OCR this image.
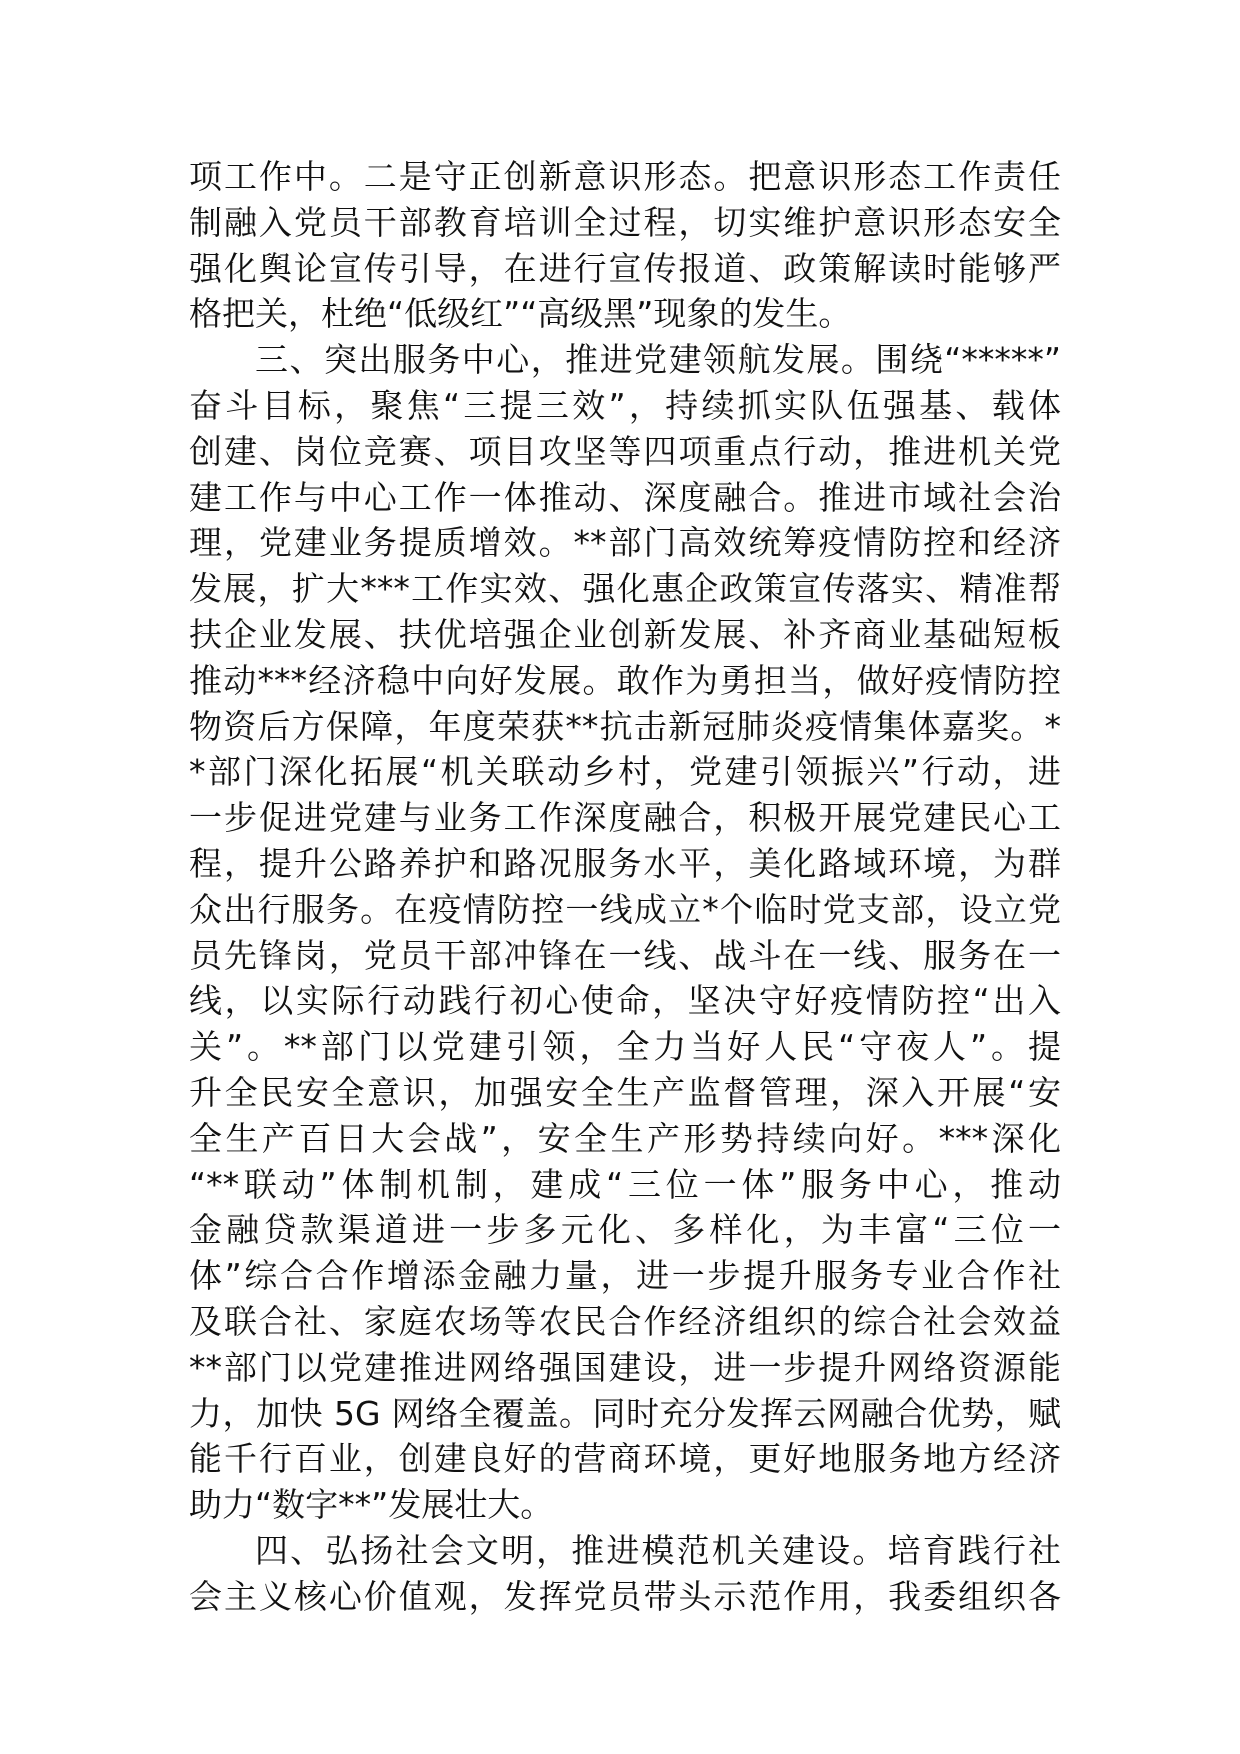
项工作中。二是守正创新意识形态。把意识形态工作责任
制融入党员干部教育培训全过程，切实维护意识形态安全
强化舆论宣传引导，在进行宣传报道、政策解读时能够严
格把关，杜绝“低级红”“高级黑”现象的发生。
三、突出服务中心，推进党建领航发展。围绕“*****”
奋斗目标，聚焦“三提三效”，持续抓实队伍强基、载体
创建、岗位竞赛、项目攻坚等四项重点行动，推进机关党
建工作与中心工作一体推动、深度融合。推进市域社会治
理，党建业务提质增效。**部门高效统筹疫情防控和经济
发展，扩大***工作实效、强化惠企政策宣传落实、精准帮
扶企业发展、扶优培强企业创新发展、补齐商业基础短板
推动***经济稳中向好发展。敢作为勇担当，做好疫情防控
物资后方保障，年度荣获**抗击新冠肺炎疫情集体嘉奖。*
*部门深化拓展“机关联动乡村，党建引领振兴”行动，进
一步促进党建与业务工作深度融合，积极开展党建民心工
程，提升公路养护和路况服务水平，美化路域环境，为群
众出行服务。在疫情防控一线成立*个临时党支部，设立党
员先锋岗，党员干部冲锋在一线、战斗在一线、服务在一
线，以实际行动践行初心使命，坚决守好疫情防控“出入
关”。**部门以党建引领，全力当好人民“守夜人”。提
升全民安全意识，加强安全生产监督管理，深入开展“安
全生产百日大会战”，安全生产形势持续向好。***深化
“**联动”体制机制，建成“三位一体”服务中心，推动
金融贷款渠道进一步多元化、多样化，为丰富“三位一
体”综合合作增添金融力量，进一步提升服务专业合作社
及联合社、家庭农场等农民合作经济组织的综合社会效益
**部门以党建推进网络强国建设，进一步提升网络资源能
力，加快 5G 网络全覆盖。同时充分发挥云网融合优势，赋
能千行百业，创建良好的营商环境，更好地服务地方经济
助力“数字**”发展壮大。
四、弘扬社会文明，推进模范机关建设。培育践行社
会主义核心价值观，发挥党员带头示范作用，我委组织各
